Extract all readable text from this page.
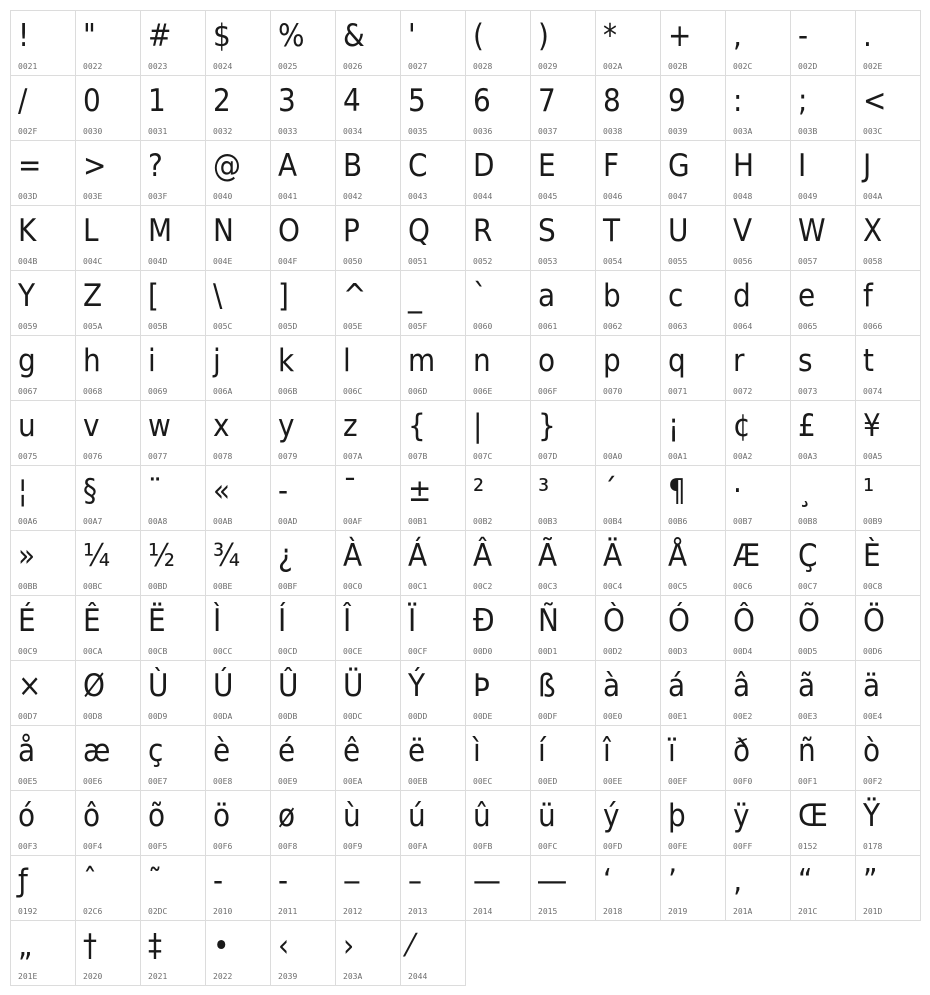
!
0021
"
0022
#
0023
$
0024
%
0025
&
0026
'
0027
(
0028
)
0029
*
002A
+
002B
,
002C
-
002D
.
002E
/
002F
0
0030
1
0031
2
0032
3
0033
4
0034
5
0035
6
0036
7
0037
8
0038
9
0039
:
003A
;
003B
<
003C
=
003D
>
003E
?
003F
@
0040
A
0041
B
0042
C
0043
D
0044
E
0045
F
0046
G
0047
H
0048
I
0049
J
004A
K
004B
L
004C
M
004D
N
004E
O
004F
P
0050
Q
0051
R
0052
S
0053
T
0054
U
0055
V
0056
W
0057
X
0058
Y
0059
Z
005A
[
005B
\
005C
]
005D
^
005E
_
005F
`
0060
a
0061
b
0062
c
0063
d
0064
e
0065
f
0066
g
0067
h
0068
i
0069
j
006A
k
006B
l
006C
m
006D
n
006E
o
006F
p
0070
q
0071
r
0072
s
0073
t
0074
u
0075
v
0076
w
0077
x
0078
y
0079
z
007A
{
007B
|
007C
}
007D
	00A0
¡
00A1
¢
00A2
£
00A3
¥
00A5
¦
00A6
§
00A7
¨
00A8
«
00AB
-
00AD
¯
00AF
±
00B1
²
00B2
³
00B3
´
00B4
¶
00B6
·
00B7
¸
00B8
¹
00B9
»
00BB
¼
00BC
½
00BD
¾
00BE
¿
00BF
À
00C0
Á
00C1
Â
00C2
Ã
00C3
Ä
00C4
Å
00C5
Æ
00C6
Ç
00C7
È
00C8
É
00C9
Ê
00CA
Ë
00CB
Ì
00CC
Í
00CD
Î
00CE
Ï
00CF
Ð
00D0
Ñ
00D1
Ò
00D2
Ó
00D3
Ô
00D4
Õ
00D5
Ö
00D6
×
00D7
Ø
00D8
Ù
00D9
Ú
00DA
Û
00DB
Ü
00DC
Ý
00DD
Þ
00DE
ß
00DF
à
00E0
á
00E1
â
00E2
ã
00E3
ä
00E4
å
00E5
æ
00E6
ç
00E7
è
00E8
é
00E9
ê
00EA
ë
00EB
ì
00EC
í
00ED
î
00EE
ï
00EF
ð
00F0
ñ
00F1
ò
00F2
ó
00F3
ô
00F4
õ
00F5
ö
00F6
ø
00F8
ù
00F9
ú
00FA
û
00FB
ü
00FC
ý
00FD
þ
00FE
ÿ
00FF
Œ
0152
Ÿ
0178
ƒ
0192
ˆ
02C6
˜
02DC
‐
2010
‑
2011
‒
2012
–
2013
—
2014
―
2015
‘
2018
’
2019
‚
201A
“
201C
”
201D
„
201E
†
2020
‡
2021
•
2022
‹
2039
›
203A
⁄
2044
